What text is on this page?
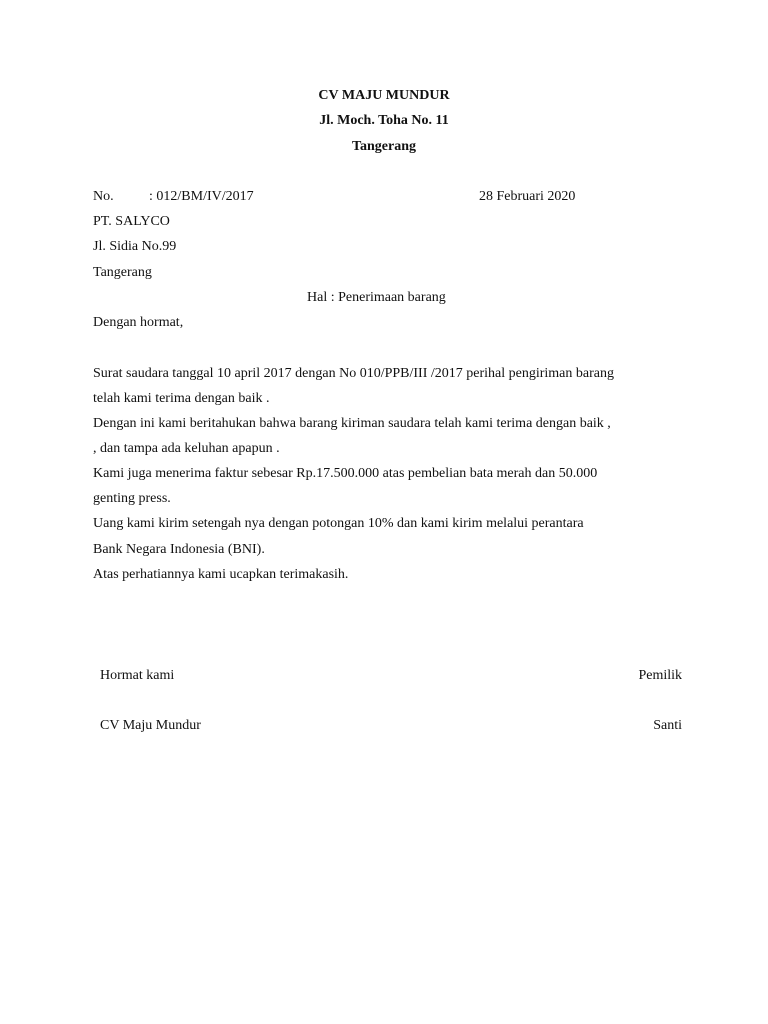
CV MAJU MUNDUR
Jl. Moch. Toha No. 11
Tangerang
No.	: 012/BM/IV/2017	28 Februari 2020
PT. SALYCO
Jl. Sidia No.99
Tangerang
Hal : Penerimaan barang
Dengan hormat,
Surat saudara tanggal 10 april 2017 dengan No 010/PPB/III /2017 perihal pengiriman barang
telah kami terima dengan baik .
Dengan ini kami beritahukan bahwa barang kiriman saudara telah kami terima dengan baik ,
, dan tampa ada keluhan apapun .
Kami juga menerima faktur sebesar Rp.17.500.000 atas pembelian bata merah dan 50.000
genting press.
Uang kami kirim setengah nya dengan potongan 10% dan kami kirim melalui perantara
Bank Negara Indonesia (BNI).
Atas perhatiannya kami ucapkan terimakasih.
Hormat kami	Pemilik
CV Maju Mundur	Santi
